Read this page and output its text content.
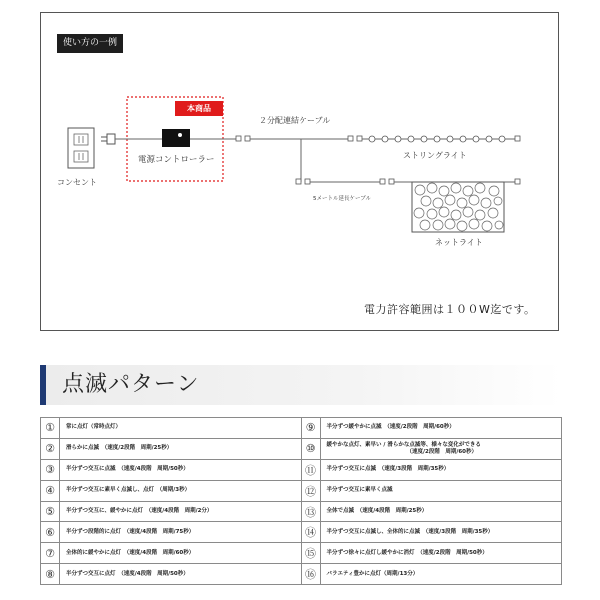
使い方の一例
本商品
電源コントローラー
コンセント
２分配連結ケーブル
ストリングライト
5メートル延長ケーブル
ネットライト
電力許容範囲は１００W迄です。
点滅パターン
①	常に点灯（常時点灯）	⑨	半分ずつ緩やかに点滅　（速度/2段階　周期/60秒）
②	滑らかに点滅　（速度/2段階　周期/25秒）	⑩	緩やかな点灯、素早い / 滑らかな点滅等、様々な変化ができる
（速度/2段階　周期/60秒）

③	半分ずつ交互に点滅　（速度/4段階　周期/50秒）	⑪	半分ずつ交互に点滅　（速度/3段階　周期/35秒）
④	半分ずつ交互に素早く点滅し、点灯　（周期/3秒）	⑫	半分ずつ交互に素早く点滅
⑤	半分ずつ交互に、緩やかに点灯　（速度/4段階　周期/2分）	⑬	全体で点滅　（速度/4段階　周期/25秒）
⑥	半分ずつ段階的に点灯　（速度/4段階　周期/75秒）	⑭	半分ずつ交互に点滅し、全体的に点滅　（速度/3段階　周期/35秒）
⑦	全体的に緩やかに点灯　（速度/4段階　周期/60秒）	⑮	半分ずつ徐々に点灯し緩やかに消灯　（速度/2段階　周期/50秒）
⑧	半分ずつ交互に点灯　（速度/4段階　周期/50秒）	⑯	バラエティ豊かに点灯（周期/13分）
